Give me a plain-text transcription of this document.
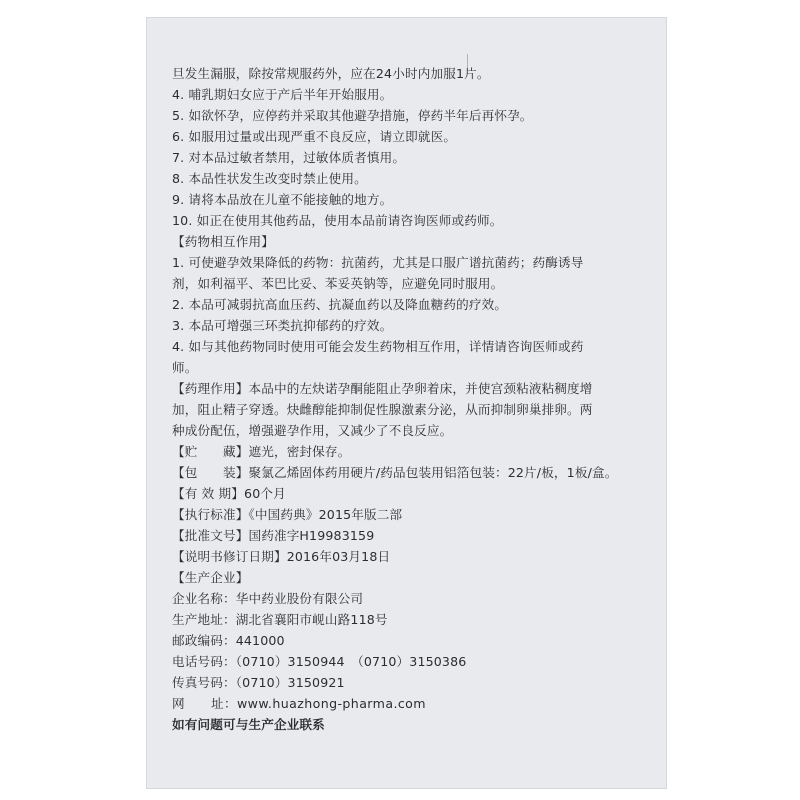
旦发生漏服，除按常规服药外，应在24小时内加服1片。
4. 哺乳期妇女应于产后半年开始服用。
5. 如欲怀孕，应停药并采取其他避孕措施，停药半年后再怀孕。
6. 如服用过量或出现严重不良反应，请立即就医。
7. 对本品过敏者禁用，过敏体质者慎用。
8. 本品性状发生改变时禁止使用。
9. 请将本品放在儿童不能接触的地方。
10. 如正在使用其他药品，使用本品前请咨询医师或药师。
【药物相互作用】
1. 可使避孕效果降低的药物：抗菌药，尤其是口服广谱抗菌药；药酶诱导
剂，如利福平、苯巴比妥、苯妥英钠等，应避免同时服用。
2. 本品可减弱抗高血压药、抗凝血药以及降血糖药的疗效。
3. 本品可增强三环类抗抑郁药的疗效。
4. 如与其他药物同时使用可能会发生药物相互作用，详情请咨询医师或药
师。
【药理作用】本品中的左炔诺孕酮能阻止孕卵着床，并使宫颈粘液粘稠度增
加，阻止精子穿透。炔雌醇能抑制促性腺激素分泌，从而抑制卵巢排卵。两
种成份配伍，增强避孕作用，又减少了不良反应。
【贮　　藏】遮光，密封保存。
【包　　装】聚氯乙烯固体药用硬片/药品包装用铝箔包装：22片/板，1板/盒。
【有 效 期】60个月
【执行标准】《中国药典》2015年版二部
【批准文号】国药准字H19983159
【说明书修订日期】2016年03月18日
【生产企业】
企业名称：华中药业股份有限公司
生产地址：湖北省襄阳市岘山路118号
邮政编码：441000
电话号码：（0710）3150944　（0710）3150386
传真号码：（0710）3150921
网　　址：www.huazhong-pharma.com
如有问题可与生产企业联系
